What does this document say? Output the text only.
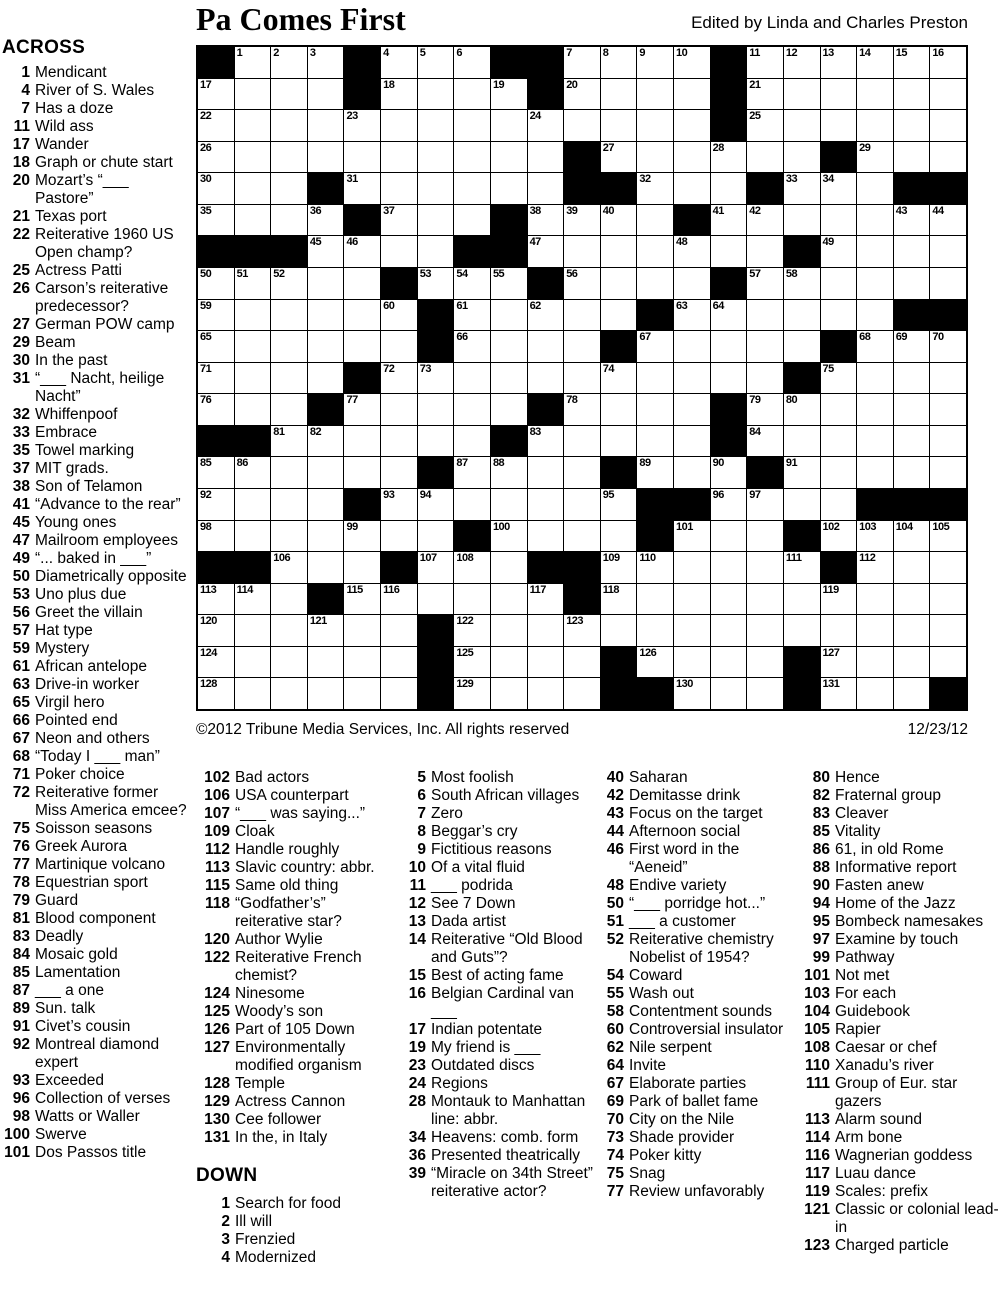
Pa Comes First	Edited by Linda and Charles Preston
ACROSS
1 Mendicant
4 River of S. Wales
7 Has a doze
11 Wild ass
17 Wander
18 Graph or chute start
20 Mozart’s “___ Pastore”
21 Texas port
22 Reiterative 1960 US Open champ?
25 Actress Patti
26 Carson’s reiterative predecessor?
27 German POW camp
29 Beam
30 In the past
31 “___ Nacht, heilige Nacht”
32 Whiffenpoof
33 Embrace
35 Towel marking
37 MIT grads.
38 Son of Telamon
41 “Advance to the rear”
45 Young ones
47 Mailroom employees
49 “... baked in ___”
50 Diametrically opposite
53 Uno plus due
56 Greet the villain
57 Hat type
59 Mystery
61 African antelope
63 Drive-in worker
65 Virgil hero
66 Pointed end
67 Neon and others
68 “Today I ___ man”
71 Poker choice
72 Reiterative former Miss America emcee?
75 Soisson seasons
76 Greek Aurora
77 Martinique volcano
78 Equestrian sport
79 Guard
81 Blood component
83 Deadly
84 Mosaic gold
85 Lamentation
87 ___ a one
89 Sun. talk
91 Civet’s cousin
92 Montreal diamond expert
93 Exceeded
96 Collection of verses
98 Watts or Waller
100 Swerve
101 Dos Passos title
1	2	3	4	5	6	7	8	9	10	11 12 13 14 15 16
17	18	19	20	21
22	23	24	25
26	27	28	29
30	31	32	33 34
35	36	37	38 39 40	41 42	43 44
45 46	47	48	49
50 51 52	53 54 55	56	57 58
59	60	61	62	63 64
65	66	67	68 69 70
71	72 73	74	75
76	77	78	79 80
81 82	83	84
85 86	87 88	89	90	91
92	93 94	95	96 97
98	99	100	101	102 103 104 105
106	107 108	109 110	111	112
113 114	115 116	117	118	119
120	121	122	123
124	125	126	127
128	129	130	131
12/23/12
©2012 Tribune Media Services, Inc. All rights reserved
102 Bad actors
106 USA counterpart
107 “___ was saying...”
109 Cloak
112 Handle roughly
113 Slavic country: abbr.
115 Same old thing
118 “Godfather’s” reiterative star?
120 Author Wylie
122 Reiterative French chemist?
124 Ninesome
125 Woody’s son
126 Part of 105 Down
127 Environmentally modified organism
128 Temple
129 Actress Cannon
130 Cee follower
131 In the, in Italy
DOWN
1 Search for food
2 Ill will
3 Frenzied
4 Modernized
5 Most foolish
6 South African villages
7 Zero
8 Beggar’s cry
9 Fictitious reasons
10 Of a vital fluid
11 ___ podrida
12 See 7 Down
13 Dada artist
14 Reiterative “Old Blood and Guts”?
15 Best of acting fame
16 Belgian Cardinal van ___
17 Indian potentate
19 My friend is ___
23 Outdated discs
24 Regions
28 Montauk to Manhattan line: abbr.
34 Heavens: comb. form
36 Presented theatrically
39 “Miracle on 34th Street” reiterative actor?
40 Saharan
42 Demitasse drink
43 Focus on the target
44 Afternoon social
46 First word in the “Aeneid”
48 Endive variety
50 “___ porridge hot...”
51 ___ a customer
52 Reiterative chemistry Nobelist of 1954?
54 Coward
55 Wash out
58 Contentment sounds
60 Controversial insulator
62 Nile serpent
64 Invite
67 Elaborate parties
69 Park of ballet fame
70 City on the Nile
73 Shade provider
74 Poker kitty
75 Snag
77 Review unfavorably
80 Hence
82 Fraternal group
83 Cleaver
85 Vitality
86 61, in old Rome
88 Informative report
90 Fasten anew
94 Home of the Jazz
95 Bombeck namesakes
97 Examine by touch
99 Pathway
101 Not met
103 For each
104 Guidebook
105 Rapier
108 Caesar or chef
110 Xanadu’s river
111 Group of Eur. star gazers
113 Alarm sound
114 Arm bone
116 Wagnerian goddess
117 Luau dance
119 Scales: prefix
121 Classic or colonial lead-in
123 Charged particle
